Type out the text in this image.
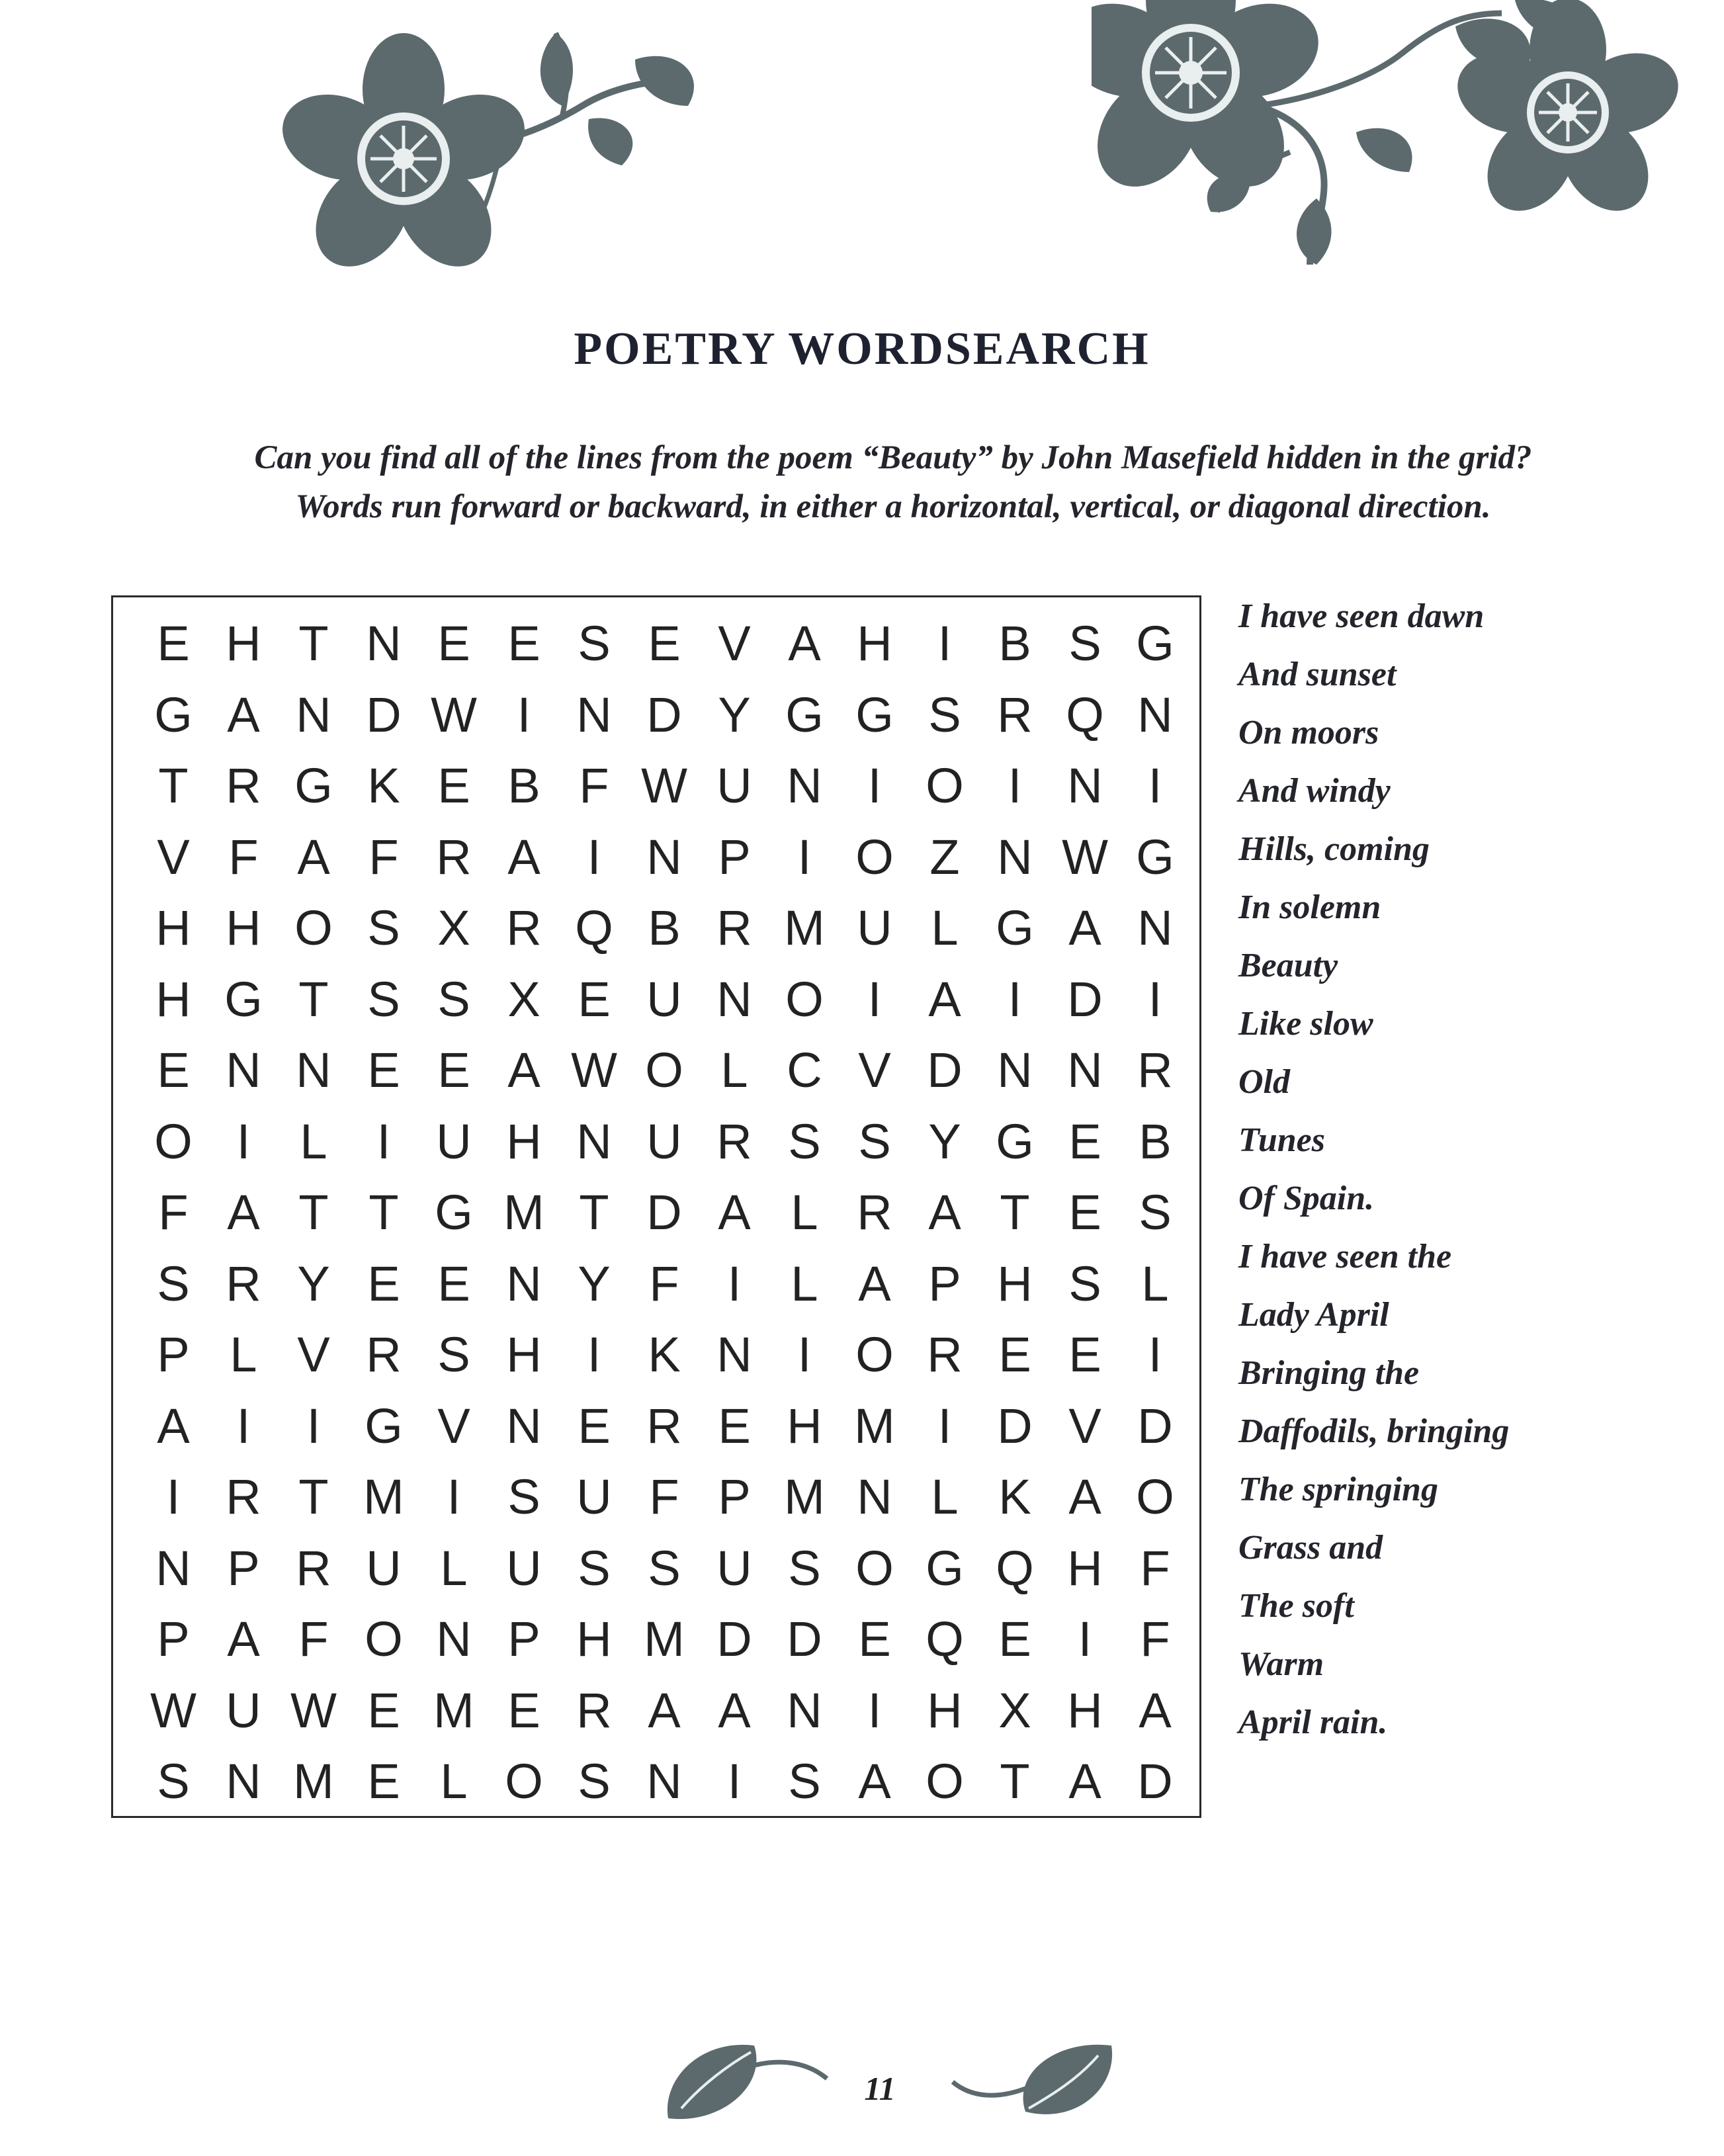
POETRY WORDSEARCH
Can you find all of the lines from the poem “Beauty” by John Masefield hidden in the grid?
Words run forward or backward, in either a horizontal, vertical, or diagonal direction.
E H T N E E S E V A H I B S G
G A N D W I N D Y G G S R Q N
T R G K E B F W U N I O I N I
V F A F R A I N P I O Z N W G
H H O S X R Q B R M U L G A N
H G T S S X E U N O I A I D I
E N N E E A W O L C V D N N R
O I	L	I U H N U R S S Y G E B
F A T T G M T D A L R A T E S
S R Y E E N Y F I	L A P H S L
P L V R S H I K N I O R E E I
A I	I G V N E R E H M I D V D
I R T M I S U F P M N L K A O
N P R U L U S S U S O G Q H F
P A F O N P H M D D E Q E I F
W U W E M E R A A N I H X H A
S N M E L O S N I S A O T A D
I have seen dawn
And sunset
On moors
And windy
Hills, coming
In solemn
Beauty
Like slow
Old
Tunes
Of Spain.
I have seen the
Lady April
Bringing the
Daffodils, bringing
The springing
Grass and
The soft
Warm
April rain.
11
